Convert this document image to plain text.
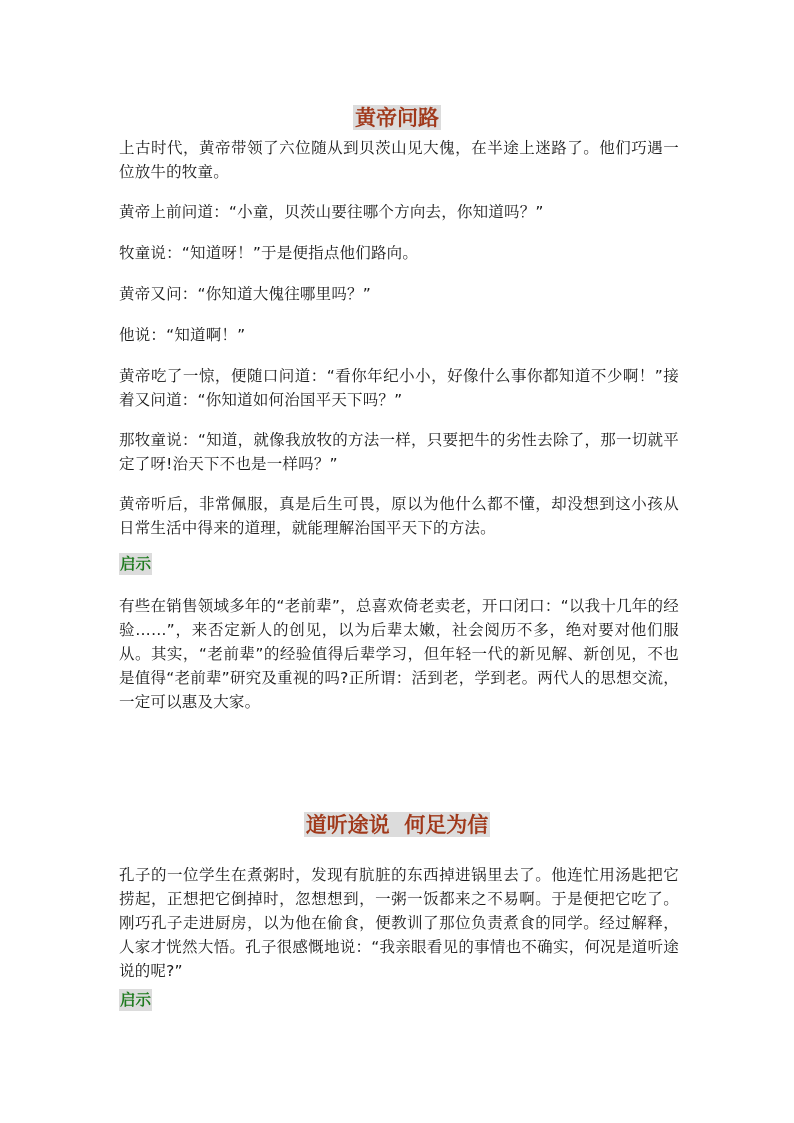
黄帝问路

上古时代，黄帝带领了六位随从到贝茨山见大傀，在半途上迷路了。他们巧遇一位放牛的牧童。

黄帝上前问道：“小童，贝茨山要往哪个方向去，你知道吗？”

牧童说：“知道呀！”于是便指点他们路向。

黄帝又问：“你知道大傀往哪里吗？”

他说：“知道啊！”

黄帝吃了一惊，便随口问道：“看你年纪小小，好像什么事你都知道不少啊！”接着又问道：“你知道如何治国平天下吗？”

那牧童说：“知道，就像我放牧的方法一样，只要把牛的劣性去除了，那一切就平定了呀!治天下不也是一样吗？”

黄帝听后，非常佩服，真是后生可畏，原以为他什么都不懂，却没想到这小孩从日常生活中得来的道理，就能理解治国平天下的方法。

启示

有些在销售领域多年的“老前辈”，总喜欢倚老卖老，开口闭口：“以我十几年的经验……”，来否定新人的创见，以为后辈太嫩，社会阅历不多，绝对要对他们服从。其实，“老前辈”的经验值得后辈学习，但年轻一代的新见解、新创见，不也是值得“老前辈”研究及重视的吗?正所谓：活到老，学到老。两代人的思想交流，一定可以惠及大家。

道听途说  何足为信

孔子的一位学生在煮粥时，发现有肮脏的东西掉进锅里去了。他连忙用汤匙把它捞起，正想把它倒掉时，忽想想到，一粥一饭都来之不易啊。于是便把它吃了。刚巧孔子走进厨房，以为他在偷食，便教训了那位负责煮食的同学。经过解释，人家才恍然大悟。孔子很感慨地说：“我亲眼看见的事情也不确实，何况是道听途说的呢?”

启示
